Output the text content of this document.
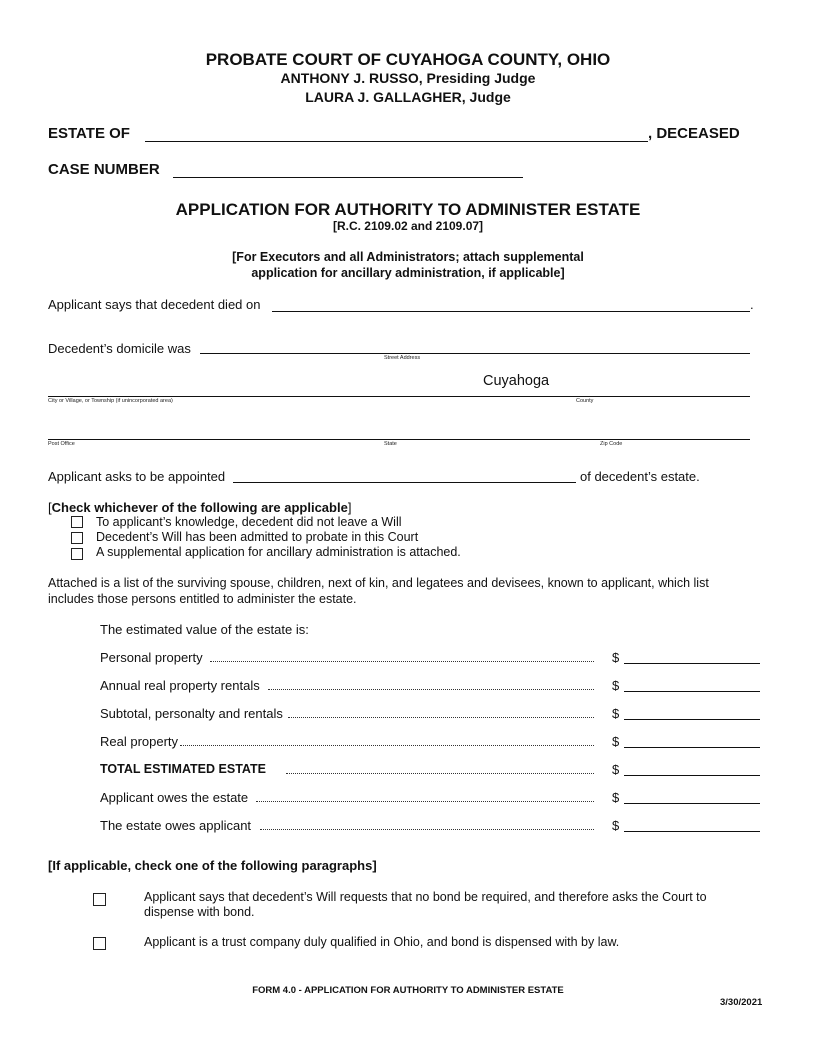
PROBATE COURT OF CUYAHOGA COUNTY, OHIO
ANTHONY J. RUSSO, Presiding Judge
LAURA J. GALLAGHER, Judge
ESTATE OF	, DECEASED
CASE NUMBER
APPLICATION FOR AUTHORITY TO ADMINISTER ESTATE
[R.C. 2109.02 and 2109.07]
[For Executors and all Administrators; attach supplemental
application for ancillary administration, if applicable]
Applicant says that decedent died on	.
Decedent’s domicile was
Street Address
Cuyahoga
City or Village, or Township (if unincorporated area)	County
Post Office	State	Zip Code
Applicant asks to be appointed	of decedent’s estate.
[Check whichever of the following are applicable]
To applicant’s knowledge, decedent did not leave a Will
Decedent’s Will has been admitted to probate in this Court
A supplemental application for ancillary administration is attached.
Attached is a list of the surviving spouse, children, next of kin, and legatees and devisees, known to applicant, which list
includes those persons entitled to administer the estate.
The estimated value of the estate is:
Personal property	$
Annual real property rentals	$
Subtotal, personalty and rentals	$
Real property	$
TOTAL ESTIMATED ESTATE	$
Applicant owes the estate	$
The estate owes applicant	$
[If applicable, check one of the following paragraphs]
Applicant says that decedent’s Will requests that no bond be required, and therefore asks the Court to
dispense with bond.
Applicant is a trust company duly qualified in Ohio, and bond is dispensed with by law.
FORM 4.0 - APPLICATION FOR AUTHORITY TO ADMINISTER ESTATE
3/30/2021
